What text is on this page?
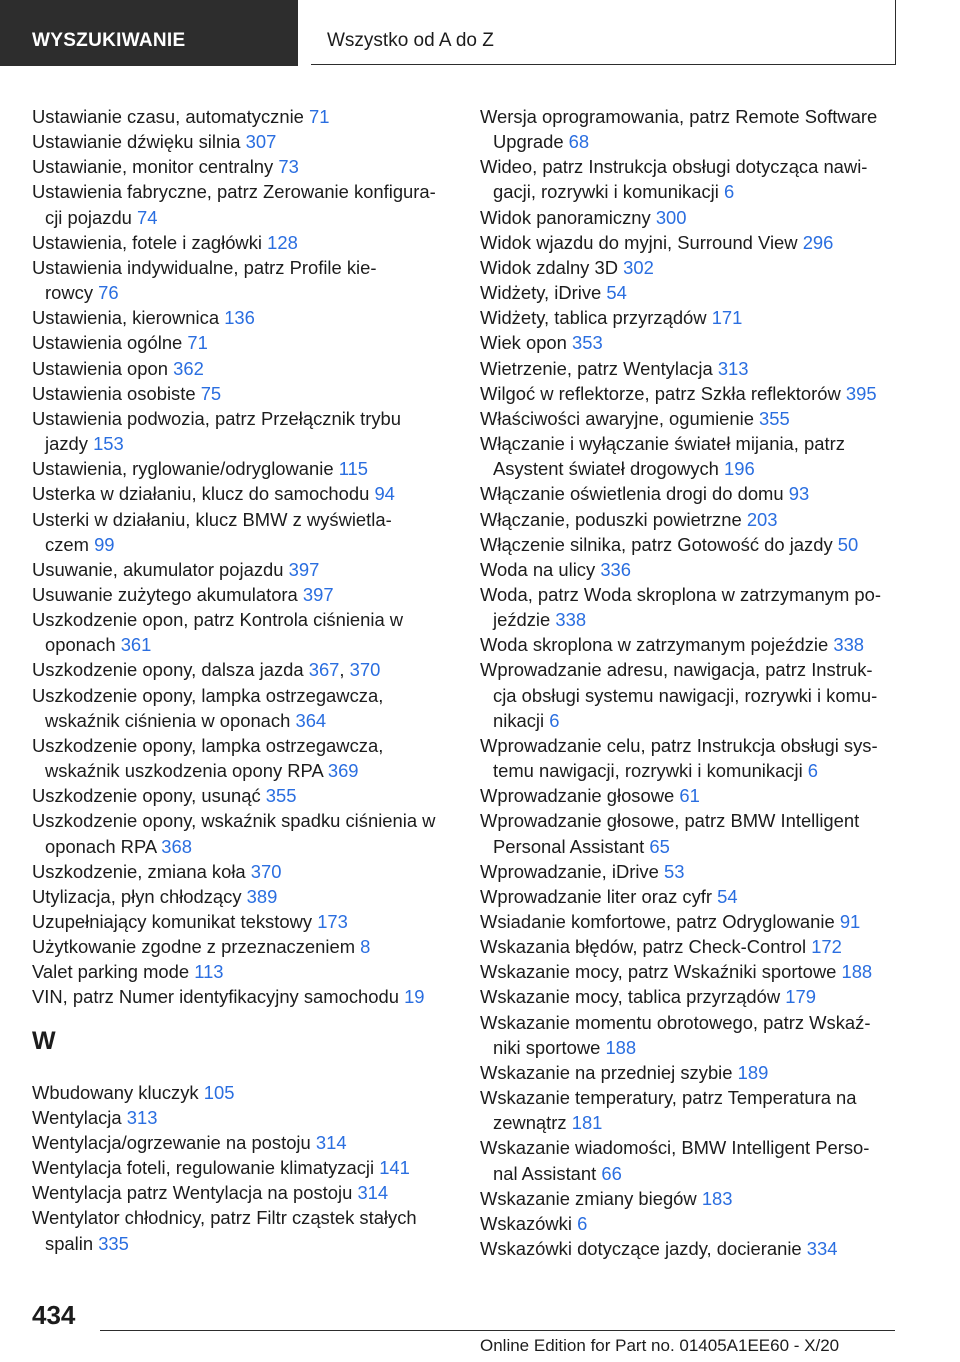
WYSZUKIWANIE	Wszystko od A do Z
Ustawianie czasu, automatycznie 71
Ustawianie dźwięku silnia 307
Ustawianie, monitor centralny 73
Ustawienia fabryczne, patrz Zerowanie konfigura-
cji pojazdu 74
Ustawienia, fotele i zagłówki 128
Ustawienia indywidualne, patrz Profile kie-
rowcy 76
Ustawienia, kierownica 136
Ustawienia ogólne 71
Ustawienia opon 362
Ustawienia osobiste 75
Ustawienia podwozia, patrz Przełącznik trybu
jazdy 153
Ustawienia, ryglowanie/odryglowanie 115
Usterka w działaniu, klucz do samochodu 94
Usterki w działaniu, klucz BMW z wyświetla-
czem 99
Usuwanie, akumulator pojazdu 397
Usuwanie zużytego akumulatora 397
Uszkodzenie opon, patrz Kontrola ciśnienia w
oponach 361
Uszkodzenie opony, dalsza jazda 367, 370
Uszkodzenie opony, lampka ostrzegawcza,
wskaźnik ciśnienia w oponach 364
Uszkodzenie opony, lampka ostrzegawcza,
wskaźnik uszkodzenia opony RPA 369
Uszkodzenie opony, usunąć 355
Uszkodzenie opony, wskaźnik spadku ciśnienia w
oponach RPA 368
Uszkodzenie, zmiana koła 370
Utylizacja, płyn chłodzący 389
Uzupełniający komunikat tekstowy 173
Użytkowanie zgodne z przeznaczeniem 8
Valet parking mode 113
VIN, patrz Numer identyfikacyjny samochodu 19
W
Wbudowany kluczyk 105
Wentylacja 313
Wentylacja/ogrzewanie na postoju 314
Wentylacja foteli, regulowanie klimatyzacji 141
Wentylacja patrz Wentylacja na postoju 314
Wentylator chłodnicy, patrz Filtr cząstek stałych
spalin 335
Wersja oprogramowania, patrz Remote Software
Upgrade 68
Wideo, patrz Instrukcja obsługi dotycząca nawi-
gacji, rozrywki i komunikacji 6
Widok panoramiczny 300
Widok wjazdu do myjni, Surround View 296
Widok zdalny 3D 302
Widżety, iDrive 54
Widżety, tablica przyrządów 171
Wiek opon 353
Wietrzenie, patrz Wentylacja 313
Wilgoć w reflektorze, patrz Szkła reflektorów 395
Właściwości awaryjne, ogumienie 355
Włączanie i wyłączanie świateł mijania, patrz
Asystent świateł drogowych 196
Włączanie oświetlenia drogi do domu 93
Włączanie, poduszki powietrzne 203
Włączenie silnika, patrz Gotowość do jazdy 50
Woda na ulicy 336
Woda, patrz Woda skroplona w zatrzymanym po-
jeździe 338
Woda skroplona w zatrzymanym pojeździe 338
Wprowadzanie adresu, nawigacja, patrz Instruk-
cja obsługi systemu nawigacji, rozrywki i komu-
nikacji 6
Wprowadzanie celu, patrz Instrukcja obsługi sys-
temu nawigacji, rozrywki i komunikacji 6
Wprowadzanie głosowe 61
Wprowadzanie głosowe, patrz BMW Intelligent
Personal Assistant 65
Wprowadzanie, iDrive 53
Wprowadzanie liter oraz cyfr 54
Wsiadanie komfortowe, patrz Odryglowanie 91
Wskazania błędów, patrz Check-Control 172
Wskazanie mocy, patrz Wskaźniki sportowe 188
Wskazanie mocy, tablica przyrządów 179
Wskazanie momentu obrotowego, patrz Wskaź-
niki sportowe 188
Wskazanie na przedniej szybie 189
Wskazanie temperatury, patrz Temperatura na
zewnątrz 181
Wskazanie wiadomości, BMW Intelligent Perso-
nal Assistant 66
Wskazanie zmiany biegów 183
Wskazówki 6
Wskazówki dotyczące jazdy, docieranie 334
434
Online Edition for Part no. 01405A1EE60 - X/20
